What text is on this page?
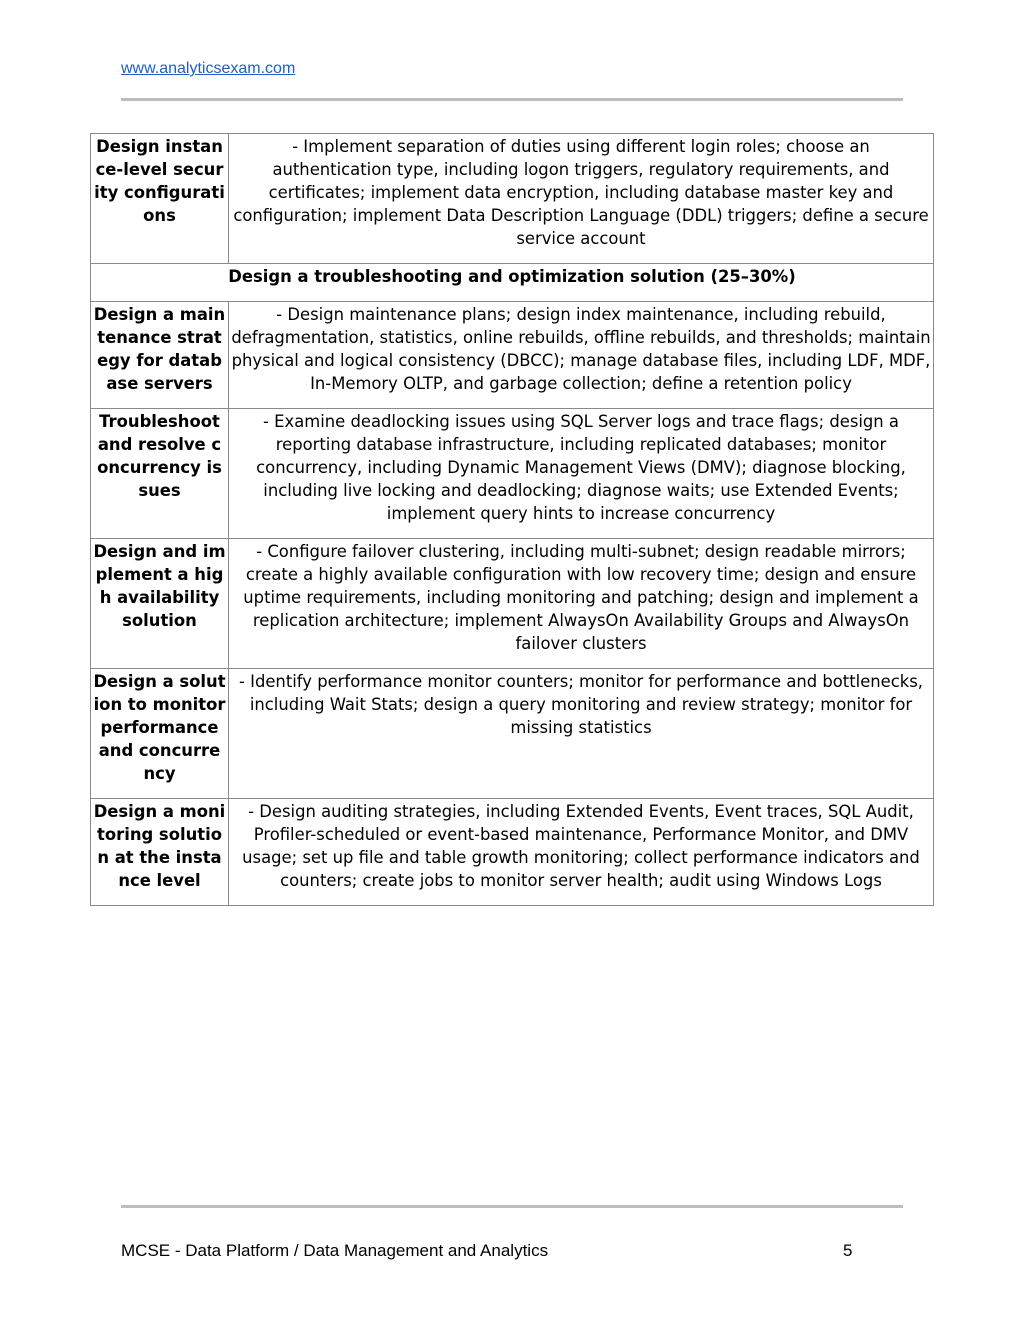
www.analyticsexam.com
Design instance-level security configurations	- Implement separation of duties using different login roles; choose an authentication type, including logon triggers, regulatory requirements, and certificates; implement data encryption, including database master key and configuration; implement Data Description Language (DDL) triggers; define a secure service account
Design a troubleshooting and optimization solution (25–30%)	
Design a maintenance strategy for database servers	- Design maintenance plans; design index maintenance, including rebuild, defragmentation, statistics, online rebuilds, offline rebuilds, and thresholds; maintain physical and logical consistency (DBCC); manage database files, including LDF, MDF, In-Memory OLTP, and garbage collection; define a retention policy
Troubleshoot and resolve concurrency issues	- Examine deadlocking issues using SQL Server logs and trace flags; design a reporting database infrastructure, including replicated databases; monitor concurrency, including Dynamic Management Views (DMV); diagnose blocking, including live locking and deadlocking; diagnose waits; use Extended Events; implement query hints to increase concurrency
Design and implement a high availability solution	- Configure failover clustering, including multi-subnet; design readable mirrors; create a highly available configuration with low recovery time; design and ensure uptime requirements, including monitoring and patching; design and implement a replication architecture; implement AlwaysOn Availability Groups and AlwaysOn failover clusters
Design a solution to monitor performance and concurrency	- Identify performance monitor counters; monitor for performance and bottlenecks, including Wait Stats; design a query monitoring and review strategy; monitor for missing statistics
Design a monitoring solution at the instance level	- Design auditing strategies, including Extended Events, Event traces, SQL Audit, Profiler-scheduled or event-based maintenance, Performance Monitor, and DMV usage; set up file and table growth monitoring; collect performance indicators and counters; create jobs to monitor server health; audit using Windows Logs
MCSE - Data Platform / Data Management and Analytics	5
